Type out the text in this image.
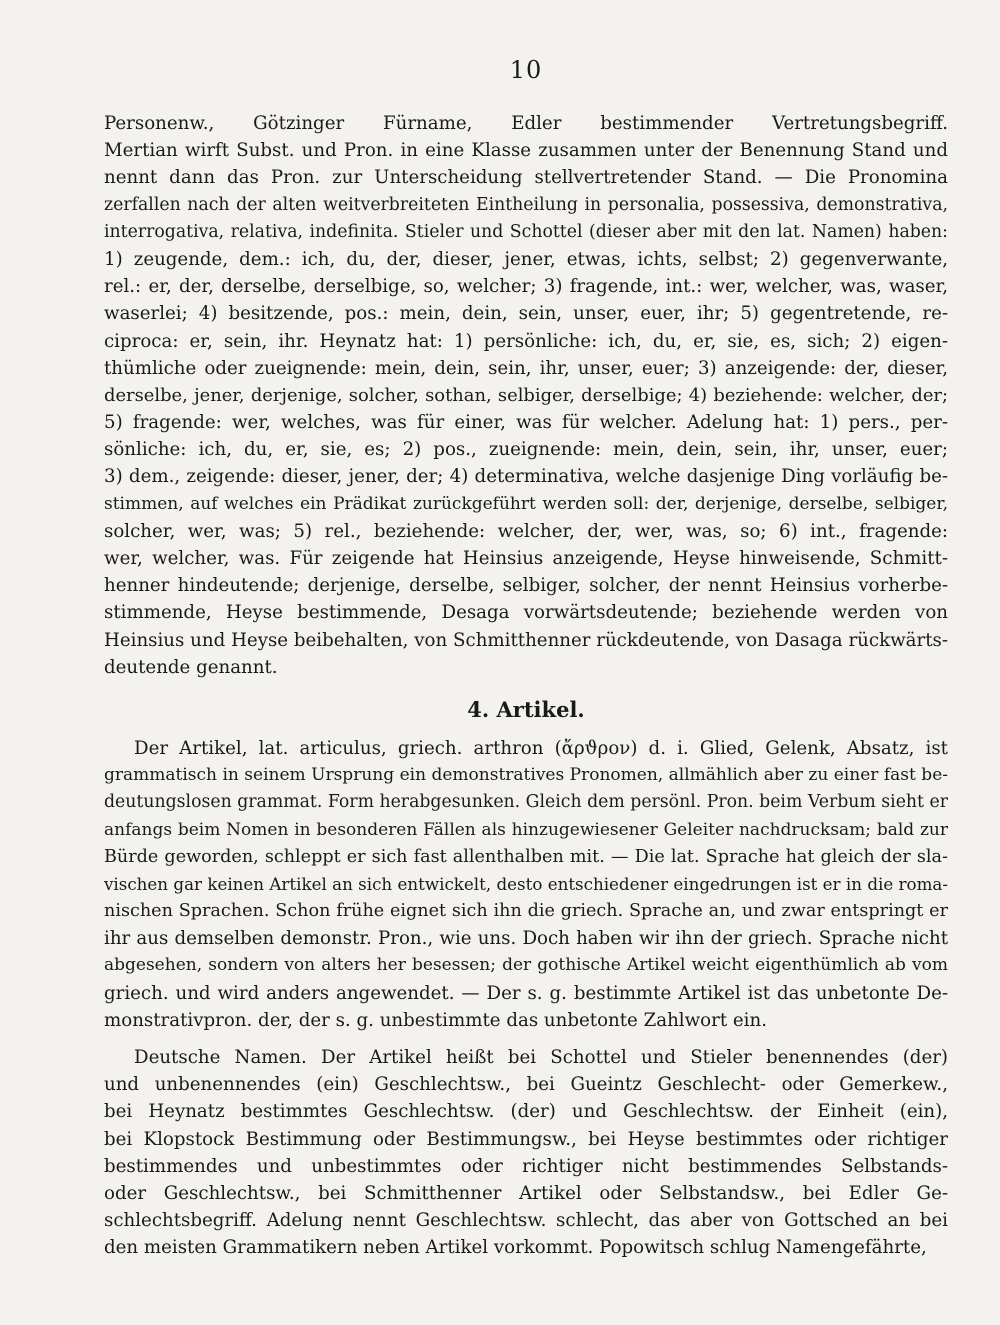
10
Personenw., Götzinger Fürname, Edler bestimmender Vertretungsbegriff.
Mertian wirft Subst. und Pron. in eine Klasse zusammen unter der Benennung Stand und
nennt dann das Pron. zur Unterscheidung stellvertretender Stand. — Die Pronomina
zerfallen nach der alten weitverbreiteten Eintheilung in personalia, possessiva, demonstrativa,
interrogativa, relativa, indefinita. Stieler und Schottel (dieser aber mit den lat. Namen) haben:
1) zeugende, dem.: ich, du, der, dieser, jener, etwas, ichts, selbst; 2) gegenverwante,
rel.: er, der, derselbe, derselbige, so, welcher; 3) fragende, int.: wer, welcher, was, waser,
waserlei; 4) besitzende, pos.: mein, dein, sein, unser, euer, ihr; 5) gegentretende, re-
ciproca: er, sein, ihr. Heynatz hat: 1) persönliche: ich, du, er, sie, es, sich; 2) eigen-
thümliche oder zueignende: mein, dein, sein, ihr, unser, euer; 3) anzeigende: der, dieser,
derselbe, jener, derjenige, solcher, sothan, selbiger, derselbige; 4) beziehende: welcher, der;
5) fragende: wer, welches, was für einer, was für welcher. Adelung hat: 1) pers., per-
sönliche: ich, du, er, sie, es; 2) pos., zueignende: mein, dein, sein, ihr, unser, euer;
3) dem., zeigende: dieser, jener, der; 4) determinativa, welche dasjenige Ding vorläufig be-
stimmen, auf welches ein Prädikat zurückgeführt werden soll: der, derjenige, derselbe, selbiger,
solcher, wer, was; 5) rel., beziehende: welcher, der, wer, was, so; 6) int., fragende:
wer, welcher, was. Für zeigende hat Heinsius anzeigende, Heyse hinweisende, Schmitt-
henner hindeutende; derjenige, derselbe, selbiger, solcher, der nennt Heinsius vorherbe-
stimmende, Heyse bestimmende, Desaga vorwärtsdeutende; beziehende werden von
Heinsius und Heyse beibehalten, von Schmitthenner rückdeutende, von Dasaga rückwärts-
deutende genannt.
4. Artikel.
Der Artikel, lat. articulus, griech. arthron (ἄρϑρον) d. i. Glied, Gelenk, Absatz, ist
grammatisch in seinem Ursprung ein demonstratives Pronomen, allmählich aber zu einer fast be-
deutungslosen grammat. Form herabgesunken. Gleich dem persönl. Pron. beim Verbum sieht er
anfangs beim Nomen in besonderen Fällen als hinzugewiesener Geleiter nachdrucksam; bald zur
Bürde geworden, schleppt er sich fast allenthalben mit. — Die lat. Sprache hat gleich der sla-
vischen gar keinen Artikel an sich entwickelt, desto entschiedener eingedrungen ist er in die roma-
nischen Sprachen. Schon frühe eignet sich ihn die griech. Sprache an, und zwar entspringt er
ihr aus demselben demonstr. Pron., wie uns. Doch haben wir ihn der griech. Sprache nicht
abgesehen, sondern von alters her besessen; der gothische Artikel weicht eigenthümlich ab vom
griech. und wird anders angewendet. — Der s. g. bestimmte Artikel ist das unbetonte De-
monstrativpron. der, der s. g. unbestimmte das unbetonte Zahlwort ein.
Deutsche Namen. Der Artikel heißt bei Schottel und Stieler benennendes (der)
und unbenennendes (ein) Geschlechtsw., bei Gueintz Geschlecht- oder Gemerkew.,
bei Heynatz bestimmtes Geschlechtsw. (der) und Geschlechtsw. der Einheit (ein),
bei Klopstock Bestimmung oder Bestimmungsw., bei Heyse bestimmtes oder richtiger
bestimmendes und unbestimmtes oder richtiger nicht bestimmendes Selbstands-
oder Geschlechtsw., bei Schmitthenner Artikel oder Selbstandsw., bei Edler Ge-
schlechtsbegriff. Adelung nennt Geschlechtsw. schlecht, das aber von Gottsched an bei
den meisten Grammatikern neben Artikel vorkommt. Popowitsch schlug Namengefährte,
